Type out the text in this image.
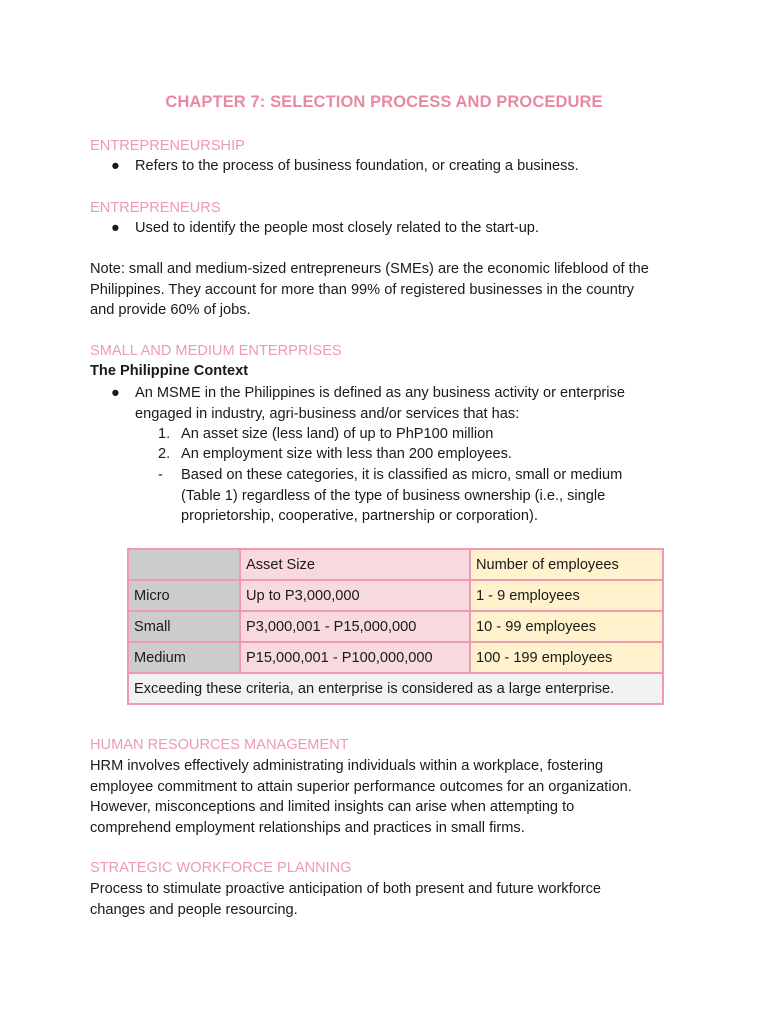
CHAPTER 7: SELECTION PROCESS AND PROCEDURE
ENTREPRENEURSHIP
● Refers to the process of business foundation, or creating a business.
ENTREPRENEURS
● Used to identify the people most closely related to the start-up.
Note: small and medium-sized entrepreneurs (SMEs) are the economic lifeblood of the
Philippines. They account for more than 99% of registered businesses in the country
and provide 60% of jobs.
SMALL AND MEDIUM ENTERPRISES
The Philippine Context
● An MSME in the Philippines is defined as any business activity or enterprise
engaged in industry, agri-business and/or services that has:
1. An asset size (less land) of up to PhP100 million
2. An employment size with less than 200 employees.
- Based on these categories, it is classified as micro, small or medium
(Table 1) regardless of the type of business ownership (i.e., single
proprietorship, cooperative, partnership or corporation).
	Asset Size	Number of employees
Micro	Up to P3,000,000	1 - 9 employees
Small	P3,000,001 - P15,000,000	10 - 99 employees
Medium	P15,000,001 - P100,000,000	100 - 199 employees
Exceeding these criteria, an enterprise is considered as a large enterprise.		
HUMAN RESOURCES MANAGEMENT
HRM involves effectively administrating individuals within a workplace, fostering
employee commitment to attain superior performance outcomes for an organization.
However, misconceptions and limited insights can arise when attempting to
comprehend employment relationships and practices in small firms.
STRATEGIC WORKFORCE PLANNING
Process to stimulate proactive anticipation of both present and future workforce
changes and people resourcing.
